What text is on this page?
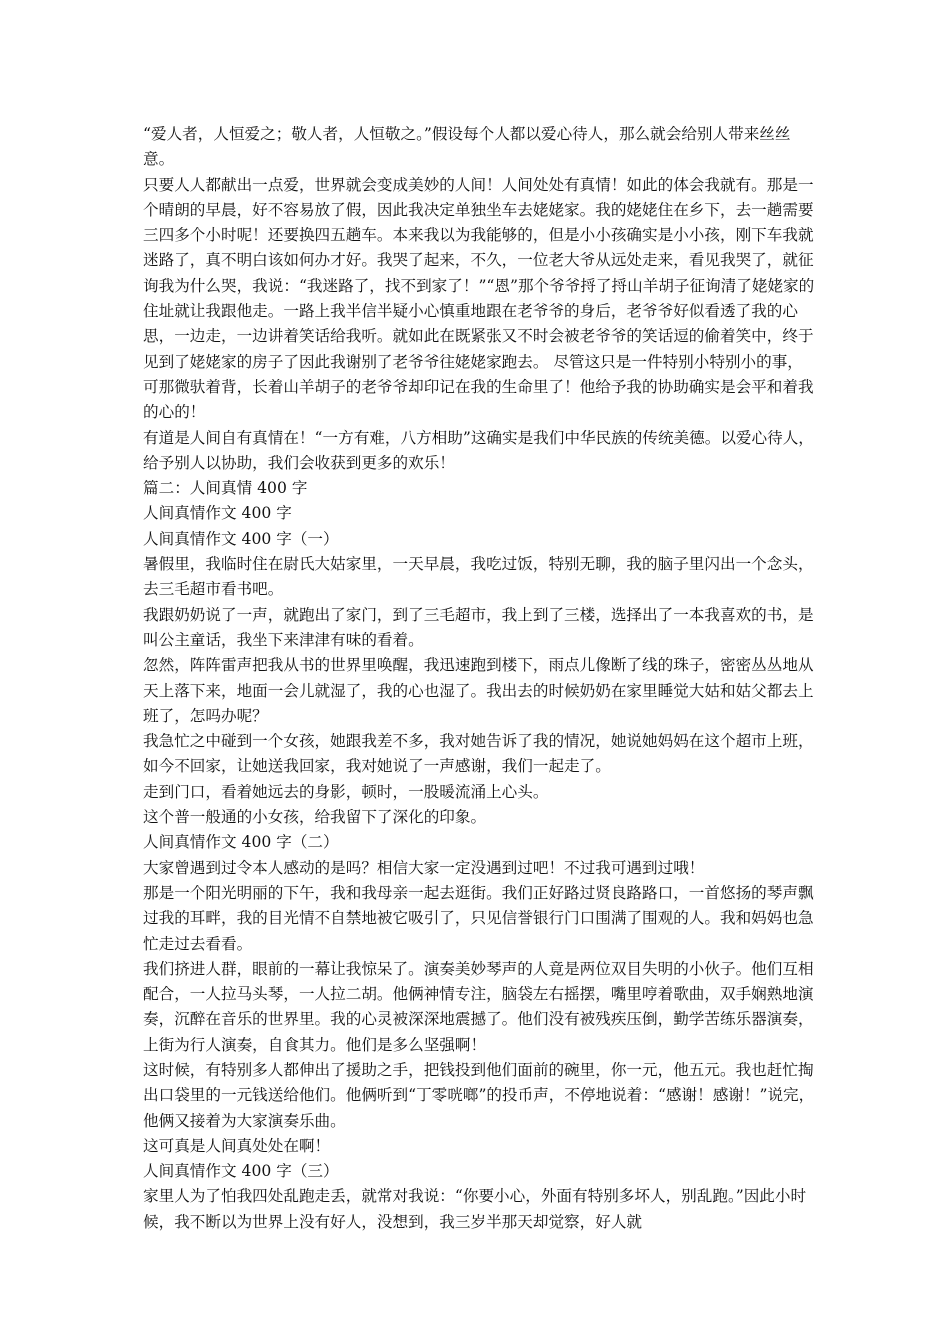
“爱人者，人恒爱之；敬人者，人恒敬之。”假设每个人都以爱心待人，那么就会给别人带来丝丝意。

只要人人都献出一点爱，世界就会变成美妙的人间！人间处处有真情！如此的体会我就有。那是一个晴朗的早晨，好不容易放了假，因此我决定单独坐车去姥姥家。我的姥姥住在乡下，去一趟需要三四多个小时呢！还要换四五趟车。本来我以为我能够的，但是小小孩确实是小小孩，刚下车我就迷路了，真不明白该如何办才好。我哭了起来，不久，一位老大爷从远处走来，看见我哭了，就征询我为什么哭，我说：“我迷路了，找不到家了！”“恩”那个爷爷捋了捋山羊胡子征询清了姥姥家的住址就让我跟他走。一路上我半信半疑小心慎重地跟在老爷爷的身后，老爷爷好似看透了我的心思，一边走，一边讲着笑话给我听。就如此在既紧张又不时会被老爷爷的笑话逗的偷着笑中，终于见到了姥姥家的房子了因此我谢别了老爷爷往姥姥家跑去。 尽管这只是一件特别小特别小的事，可那微驮着背，长着山羊胡子的老爷爷却印记在我的生命里了！他给予我的协助确实是会平和着我的心的！

有道是人间自有真情在！“一方有难，八方相助”这确实是我们中华民族的传统美德。以爱心待人，给予别人以协助，我们会收获到更多的欢乐！

篇二：人间真情 400 字

人间真情作文 400 字

人间真情作文 400 字（一）

暑假里，我临时住在尉氏大姑家里，一天早晨，我吃过饭，特别无聊，我的脑子里闪出一个念头，去三毛超市看书吧。

我跟奶奶说了一声，就跑出了家门，到了三毛超市，我上到了三楼，选择出了一本我喜欢的书，是叫公主童话，我坐下来津津有味的看着。

忽然，阵阵雷声把我从书的世界里唤醒，我迅速跑到楼下，雨点儿像断了线的珠子，密密丛丛地从天上落下来，地面一会儿就湿了，我的心也湿了。我出去的时候奶奶在家里睡觉大姑和姑父都去上班了，怎吗办呢？

我急忙之中碰到一个女孩，她跟我差不多，我对她告诉了我的情况，她说她妈妈在这个超市上班，如今不回家，让她送我回家，我对她说了一声感谢，我们一起走了。

走到门口，看着她远去的身影，顿时，一股暖流涌上心头。

这个普一般通的小女孩，给我留下了深化的印象。

人间真情作文 400 字（二）

大家曾遇到过令本人感动的是吗？相信大家一定没遇到过吧！不过我可遇到过哦！

那是一个阳光明丽的下午，我和我母亲一起去逛街。我们正好路过贤良路路口，一首悠扬的琴声飘过我的耳畔，我的目光情不自禁地被它吸引了，只见信誉银行门口围满了围观的人。我和妈妈也急忙走过去看看。

我们挤进人群，眼前的一幕让我惊呆了。演奏美妙琴声的人竟是两位双目失明的小伙子。他们互相配合，一人拉马头琴，一人拉二胡。他俩神情专注，脑袋左右摇摆，嘴里哼着歌曲，双手娴熟地演奏，沉醉在音乐的世界里。我的心灵被深深地震撼了。他们没有被残疾压倒，勤学苦练乐器演奏，上街为行人演奏，自食其力。他们是多么坚强啊！

这时候，有特别多人都伸出了援助之手，把钱投到他们面前的碗里，你一元，他五元。我也赶忙掏出口袋里的一元钱送给他们。他俩听到“丁零咣啷”的投币声，不停地说着：“感谢！感谢！”说完，他俩又接着为大家演奏乐曲。

这可真是人间真处处在啊！

人间真情作文 400 字（三）

家里人为了怕我四处乱跑走丢，就常对我说：“你要小心，外面有特别多坏人，别乱跑。”因此小时候，我不断以为世界上没有好人，没想到，我三岁半那天却觉察，好人就
